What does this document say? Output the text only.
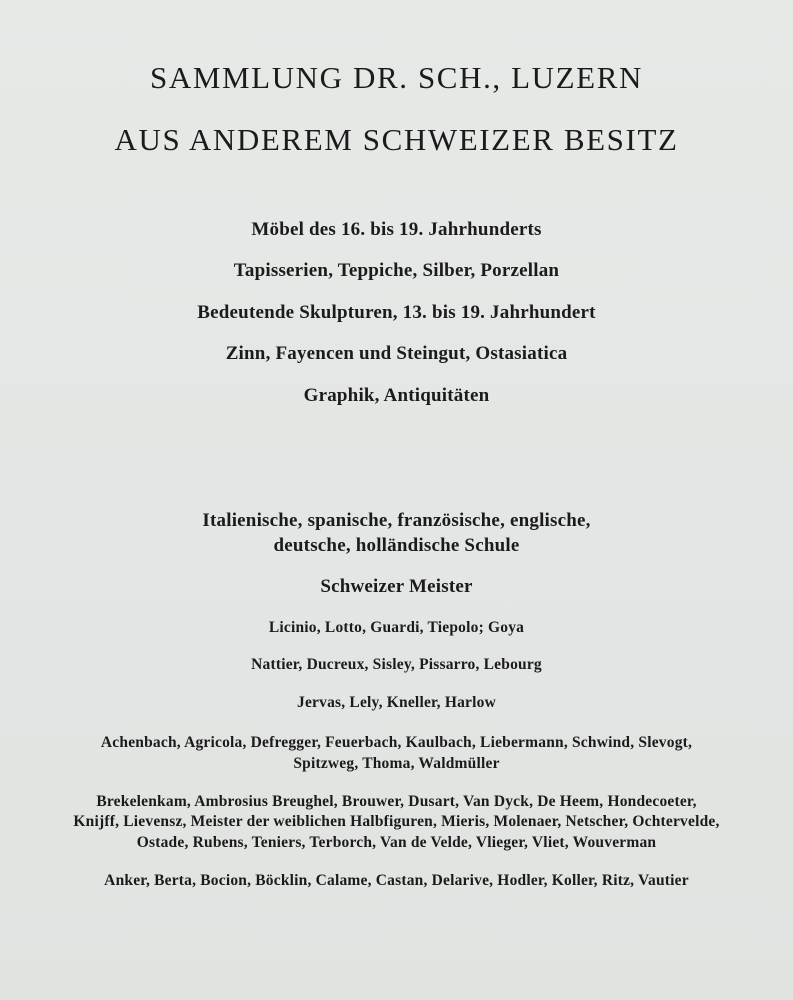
SAMMLUNG DR. SCH., LUZERN
AUS ANDEREM SCHWEIZER BESITZ
Möbel des 16. bis 19. Jahrhunderts
Tapisserien, Teppiche, Silber, Porzellan
Bedeutende Skulpturen, 13. bis 19. Jahrhundert
Zinn, Fayencen und Steingut, Ostasiatica
Graphik, Antiquitäten
Italienische, spanische, französische, englische,
deutsche, holländische Schule
Schweizer Meister
Licinio, Lotto, Guardi, Tiepolo; Goya
Nattier, Ducreux, Sisley, Pissarro, Lebourg
Jervas, Lely, Kneller, Harlow
Achenbach, Agricola, Defregger, Feuerbach, Kaulbach, Liebermann, Schwind, Slevogt,
Spitzweg, Thoma, Waldmüller
Brekelenkam, Ambrosius Breughel, Brouwer, Dusart, Van Dyck, De Heem, Hondecoeter,
Knijff, Lievensz, Meister der weiblichen Halbfiguren, Mieris, Molenaer, Netscher, Ochtervelde,
Ostade, Rubens, Teniers, Terborch, Van de Velde, Vlieger, Vliet, Wouverman
Anker, Berta, Bocion, Böcklin, Calame, Castan, Delarive, Hodler, Koller, Ritz, Vautier
